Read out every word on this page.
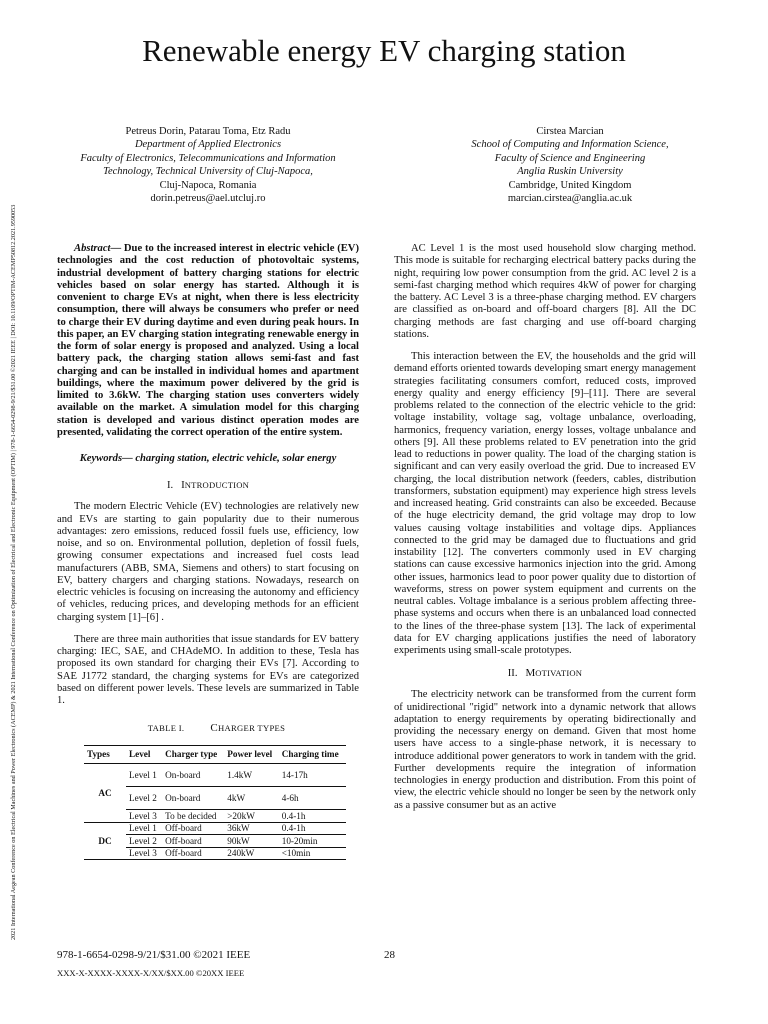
Renewable energy EV charging station
2021 International Aegean Conference on Electrical Machines and Power Electronics (ACEMP) & 2021 International Conference on Optimization of Electrical and Electronic Equipment (OPTIM) | 978-1-6654-0298-9/21/$31.00 ©2021 IEEE | DOI: 10.1109/OPTIM-ACEMP50812.2021.9590053
Petreus Dorin, Patarau Toma, Etz Radu
Department of Applied Electronics
Faculty of Electronics, Telecommunications and Information Technology, Technical University of Cluj-Napoca,
Cluj-Napoca, Romania
dorin.petreus@ael.utcluj.ro
Cirstea Marcian
School of Computing and Information Science,
Faculty of Science and Engineering
Anglia Ruskin University
Cambridge, United Kingdom
marcian.cirstea@anglia.ac.uk

Abstract— Due to the increased interest in electric vehicle (EV) technologies and the cost reduction of photovoltaic systems, industrial development of battery charging stations for electric vehicles based on solar energy has started. Although it is convenient to charge EVs at night, when there is less electricity consumption, there will always be consumers who prefer or need to charge their EV during daytime and even during peak hours. In this paper, an EV charging station integrating renewable energy in the form of solar energy is proposed and analyzed. Using a local battery pack, the charging station allows semi-fast and fast charging and can be installed in individual homes and apartment buildings, where the maximum power delivered by the grid is limited to 3.6kW. The charging station uses converters widely available on the market. A simulation model for this charging station is developed and various distinct operation modes are presented, validating the correct operation of the entire system.

Keywords— charging station, electric vehicle, solar energy

I. INTRODUCTION

The modern Electric Vehicle (EV) technologies are relatively new and EVs are starting to gain popularity due to their numerous advantages: zero emissions, reduced fossil fuels use, efficiency, low noise, and so on. Environmental pollution, depletion of fossil fuels, growing consumer expectations and increased fuel costs lead manufacturers (ABB, SMA, Siemens and others) to start focusing on EV, battery chargers and charging stations. Nowadays, research on electric vehicles is focusing on increasing the autonomy and efficiency of vehicles, reducing prices, and developing methods for an efficient charging system [1]–[6] .

There are three main authorities that issue standards for EV battery charging: IEC, SAE, and CHAdeMO. In addition to these, Tesla has proposed its own standard for charging their EVs [7]. According to SAE J1772 standard, the charging systems for EVs are categorized based on different power levels. These levels are summarized in Table 1.

TABLE I. CHARGER TYPES

Types	Level	Charger type	Power level	Charging time
AC	Level 1	On-board	1.4kW	14-17h
	Level 2	On-board	4kW	4-6h
	Level 3	To be decided	>20kW	0.4-1h
DC	Level 1	Off-board	36kW	0.4-1h
	Level 2	Off-board	90kW	10-20min
	Level 3	Off-board	240kW	<10min

AC Level 1 is the most used household slow charging method. This mode is suitable for recharging electrical battery packs during the night, requiring low power consumption from the grid. AC level 2 is a semi-fast charging method which requires 4kW of power for charging the battery. AC Level 3 is a three-phase charging method. EV chargers are classified as on-board and off-board chargers [8]. All the DC charging methods are fast charging and use off-board charging stations.

This interaction between the EV, the households and the grid will demand efforts oriented towards developing smart energy management strategies facilitating consumers comfort, reduced costs, improved energy quality and energy efficiency [9]–[11]. There are several problems related to the connection of the electric vehicle to the grid: voltage instability, voltage sag, voltage unbalance, overloading, harmonics, frequency variation, energy losses, voltage unbalance and others [9]. All these problems related to EV penetration into the grid lead to reductions in power quality. The load of the charging station is significant and can very easily overload the grid. Due to increased EV charging, the local distribution network (feeders, cables, distribution transformers, substation equipment) may experience high stress levels and increased heating. Grid constraints can also be exceeded. Because of the huge electricity demand, the grid voltage may drop to low values causing voltage instabilities and voltage dips. Appliances connected to the grid may be damaged due to fluctuations and grid instability [12]. The converters commonly used in EV charging stations can cause excessive harmonics injection into the grid. Among other issues, harmonics lead to poor power quality due to distortion of waveforms, stress on power system equipment and currents on the neutral cables. Voltage imbalance is a serious problem affecting three-phase systems and occurs when there is an unbalanced load connected to the lines of the three-phase system [13]. The lack of experimental data for EV charging applications justifies the need of laboratory experiments using small-scale prototypes.

II. MOTIVATION

The electricity network can be transformed from the current form of unidirectional "rigid" network into a dynamic network that allows adaptation to energy requirements by operating bidirectionally and providing the necessary energy on demand. Given that most home users have access to a single-phase network, it is necessary to introduce additional power generators to work in tandem with the grid. Further developments require the integration of information technologies in energy production and distribution. From this point of view, the electric vehicle should no longer be seen by the network only as a passive consumer but as an active

978-1-6654-0298-9/21/$31.00 ©2021 IEEE	28

XXX-X-XXXX-XXXX-X/XX/$XX.00 ©20XX IEEE
